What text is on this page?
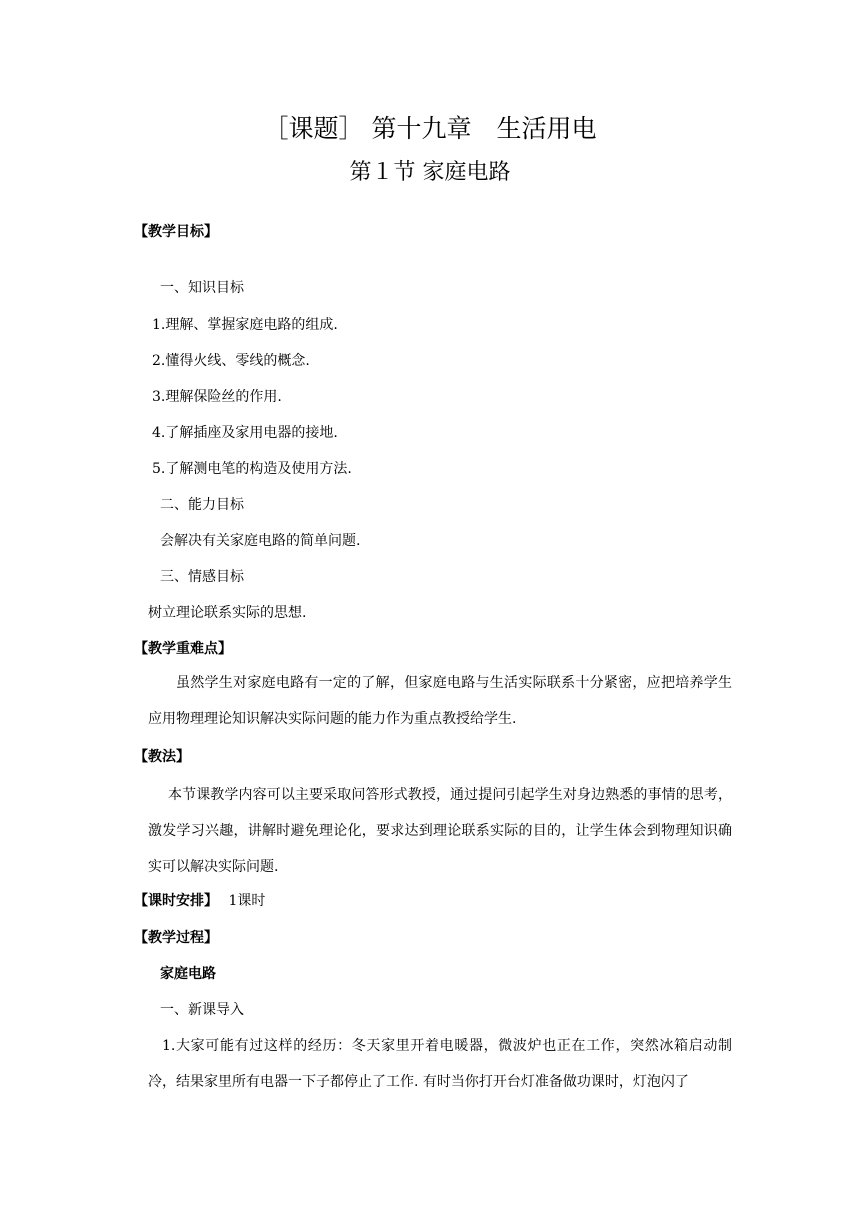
［课题］ 第十九章　生活用电
第１节 家庭电路
【教学目标】
一、知识目标
1.理解、掌握家庭电路的组成.
2.懂得火线、零线的概念.
3.理解保险丝的作用.
4.了解插座及家用电器的接地.
5.了解测电笔的构造及使用方法.
二、能力目标
会解决有关家庭电路的简单问题.
三、情感目标
树立理论联系实际的思想.
【教学重难点】
虽然学生对家庭电路有一定的了解，但家庭电路与生活实际联系十分紧密，应把培养学生应用物理理论知识解决实际问题的能力作为重点教授给学生.
【教法】
本节课教学内容可以主要采取问答形式教授，通过提问引起学生对身边熟悉的事情的思考，激发学习兴趣，讲解时避免理论化，要求达到理论联系实际的目的，让学生体会到物理知识确实可以解决实际问题.
【课时安排】 1课时
【教学过程】
家庭电路
一、新课导入
1.大家可能有过这样的经历：冬天家里开着电暖器，微波炉也正在工作，突然冰箱启动制冷，结果家里所有电器一下子都停止了工作. 有时当你打开台灯准备做功课时，灯泡闪了
